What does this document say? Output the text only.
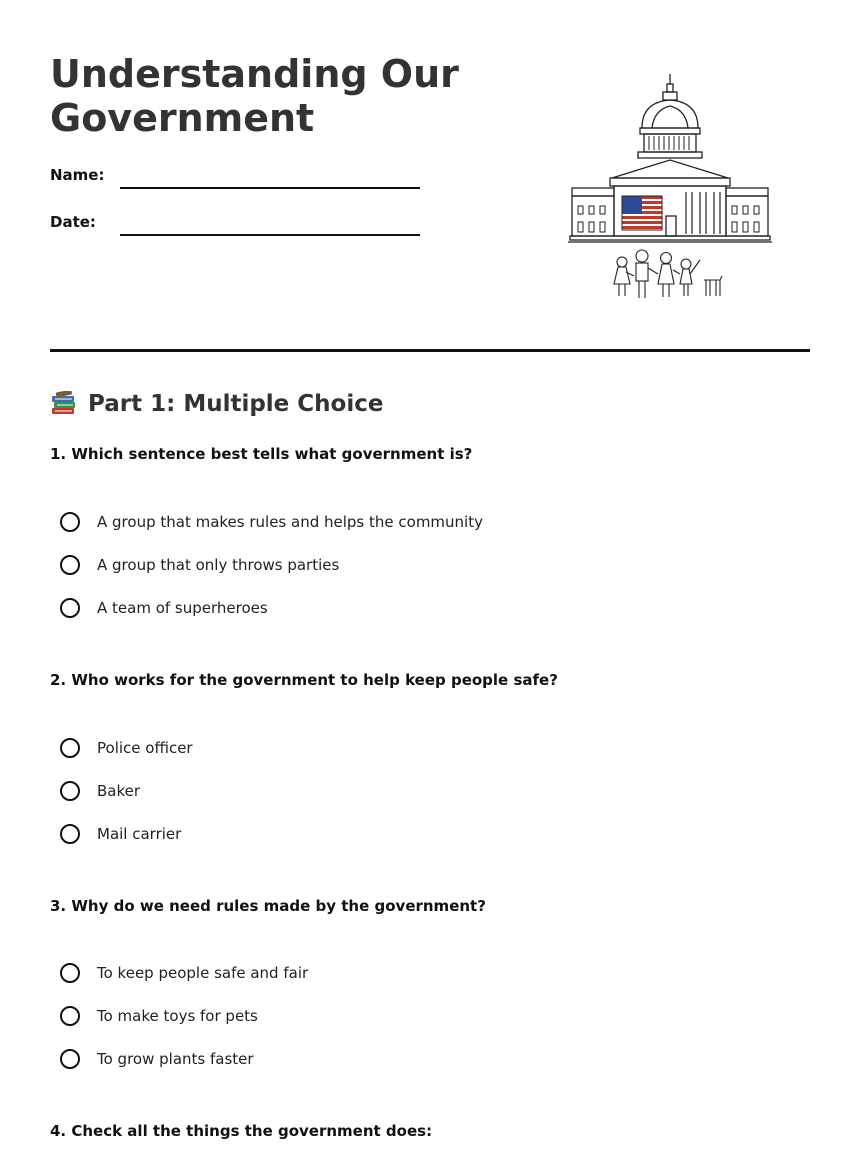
Understanding Our Government
Name:
Date:
Part 1: Multiple Choice
1. Which sentence best tells what government is?
A group that makes rules and helps the community
A group that only throws parties
A team of superheroes
2. Who works for the government to help keep people safe?
Police officer
Baker
Mail carrier
3. Why do we need rules made by the government?
To keep people safe and fair
To make toys for pets
To grow plants faster
4. Check all the things the government does:
